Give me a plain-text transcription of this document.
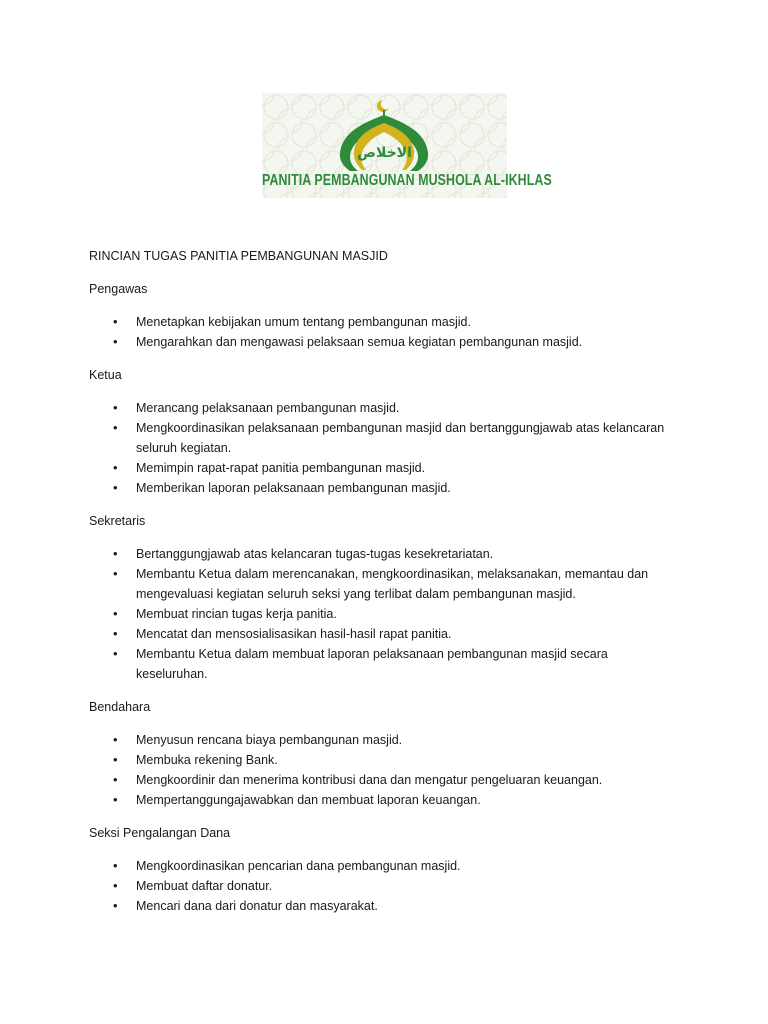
الاخلاص
PANITIA PEMBANGUNAN MUSHOLA AL-IKHLAS

RINCIAN TUGAS PANITIA PEMBANGUNAN MASJID

Pengawas

• Menetapkan kebijakan umum tentang pembangunan masjid.
• Mengarahkan dan mengawasi pelaksaan semua kegiatan pembangunan masjid.

Ketua

• Merancang pelaksanaan pembangunan masjid.
• Mengkoordinasikan pelaksanaan pembangunan masjid dan bertanggungjawab atas kelancaran
seluruh kegiatan.
• Memimpin rapat-rapat panitia pembangunan masjid.
• Memberikan laporan pelaksanaan pembangunan masjid.

Sekretaris

• Bertanggungjawab atas kelancaran tugas-tugas kesekretariatan.
• Membantu Ketua dalam merencanakan, mengkoordinasikan, melaksanakan, memantau dan
mengevaluasi kegiatan seluruh seksi yang terlibat dalam pembangunan masjid.
• Membuat rincian tugas kerja panitia.
• Mencatat dan mensosialisasikan hasil-hasil rapat panitia.
• Membantu Ketua dalam membuat laporan pelaksanaan pembangunan masjid secara
keseluruhan.

Bendahara

• Menyusun rencana biaya pembangunan masjid.
• Membuka rekening Bank.
• Mengkoordinir dan menerima kontribusi dana dan mengatur pengeluaran keuangan.
• Mempertanggungajawabkan dan membuat laporan keuangan.

Seksi Pengalangan Dana

• Mengkoordinasikan pencarian dana pembangunan masjid.
• Membuat daftar donatur.
• Mencari dana dari donatur dan masyarakat.
